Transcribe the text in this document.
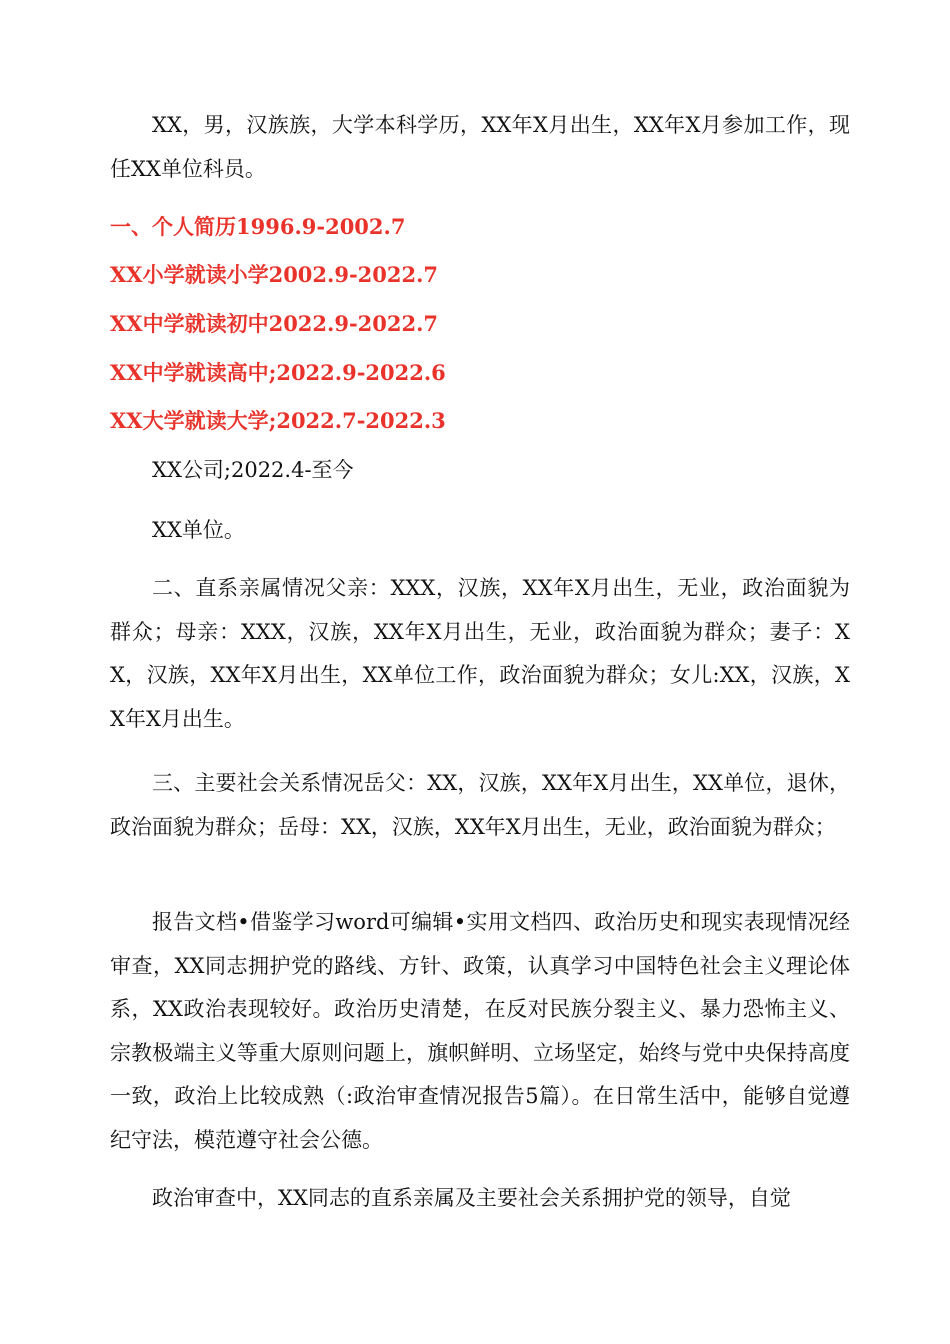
XX，男，汉族族，大学本科学历，XX年X月出生，XX年X月参加工作，现任XX单位科员。

一、个人简历1996.9-2002.7

XX小学就读小学2002.9-2022.7

XX中学就读初中2022.9-2022.7

XX中学就读高中;2022.9-2022.6

XX大学就读大学;2022.7-2022.3

XX公司;2022.4-至今

XX单位。

二、直系亲属情况父亲：XXX，汉族，XX年X月出生，无业，政治面貌为群众；母亲：XXX，汉族，XX年X月出生，无业，政治面貌为群众；妻子：XX，汉族，XX年X月出生，XX单位工作，政治面貌为群众；女儿:XX，汉族，XX年X月出生。

三、主要社会关系情况岳父：XX，汉族，XX年X月出生，XX单位，退休，政治面貌为群众；岳母：XX，汉族，XX年X月出生，无业，政治面貌为群众；

报告文档•借鉴学习word可编辑•实用文档四、政治历史和现实表现情况经审查，XX同志拥护党的路线、方针、政策，认真学习中国特色社会主义理论体系，XX政治表现较好。政治历史清楚，在反对民族分裂主义、暴力恐怖主义、宗教极端主义等重大原则问题上，旗帜鲜明、立场坚定，始终与党中央保持高度一致，政治上比较成熟（:政治审查情况报告5篇）。在日常生活中，能够自觉遵纪守法，模范遵守社会公德。

政治审查中，XX同志的直系亲属及主要社会关系拥护党的领导，自觉
